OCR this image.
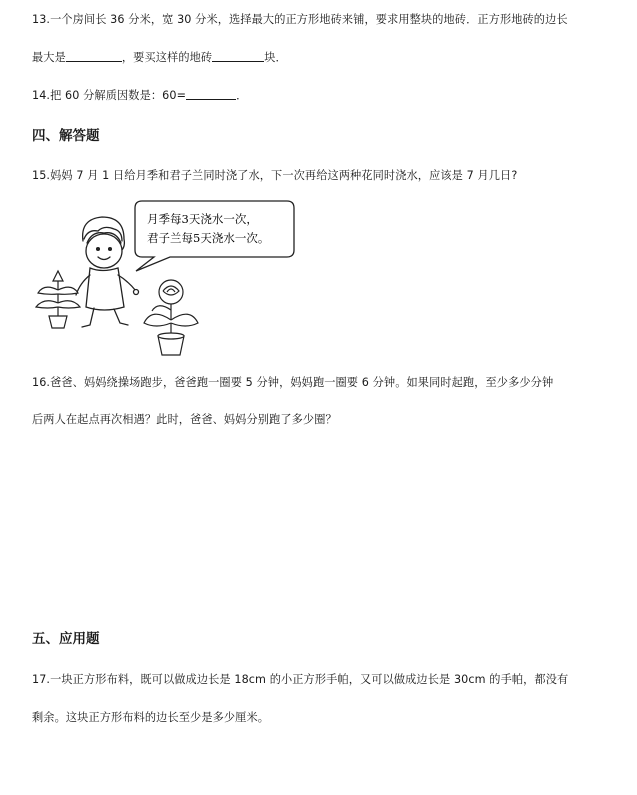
13.一个房间长 36 分米，宽 30 分米，选择最大的正方形地砖来铺，要求用整块的地砖．正方形地砖的边长
最大是	，要买这样的地砖	块．
14.把 60 分解质因数是：60=	．
四、解答题
15.妈妈 7 月 1 日给月季和君子兰同时浇了水，下一次再给这两种花同时浇水，应该是 7 月几日?
月季每3天浇水一次，
君子兰每5天浇水一次。
16.爸爸、妈妈绕操场跑步，爸爸跑一圈要 5 分钟，妈妈跑一圈要 6 分钟。如果同时起跑，至少多少分钟
后两人在起点再次相遇？此时，爸爸、妈妈分别跑了多少圈？
五、应用题
17.一块正方形布料，既可以做成边长是 18cm 的小正方形手帕，又可以做成边长是 30cm 的手帕，都没有
剩余。这块正方形布料的边长至少是多少厘米。
